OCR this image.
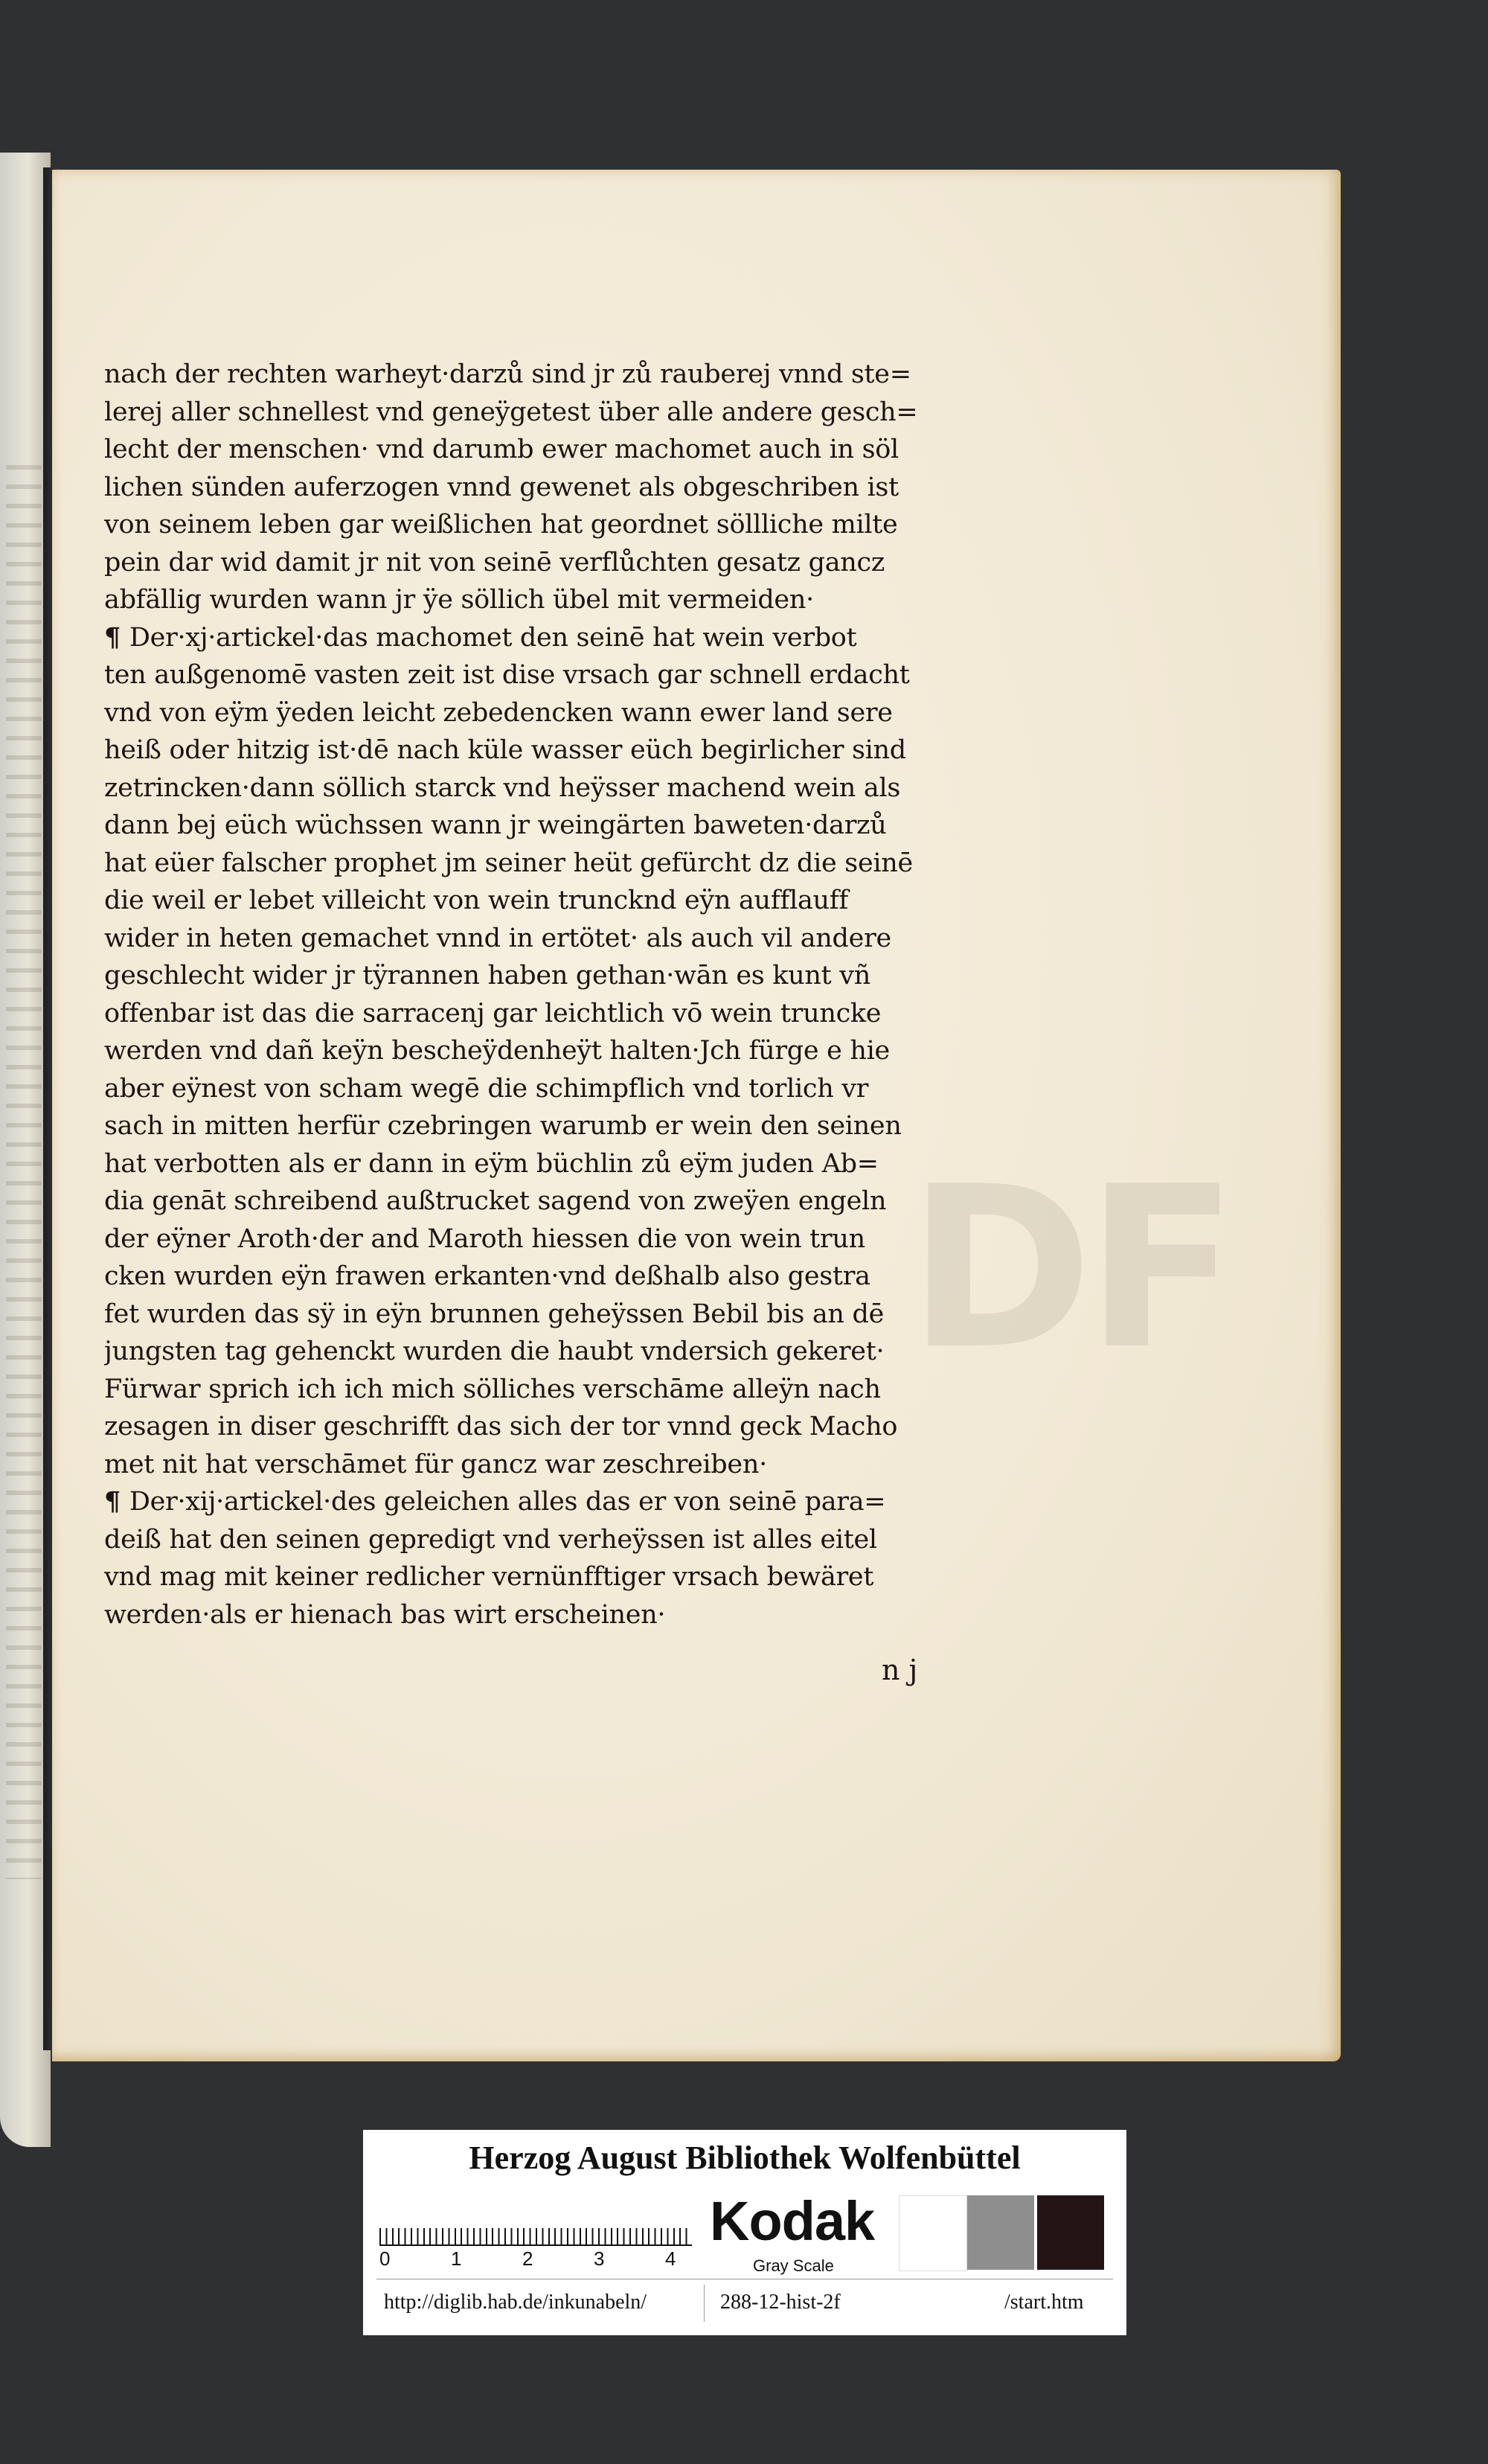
DF
nach der rechten warheyt·darzů sind jr zů rauberej vnnd ste=
lerej aller schnellest vnd geneÿgetest über alle andere gesch=
lecht der menschen· vnd darumb ewer machomet auch in söl
lichen sünden auferzogen vnnd gewenet als obgeschriben ist
von seinem leben gar weißlichen hat geordnet söllliche milte
pein dar wid damit jr nit von seinē verflůchten gesatz gancz
abfällig wurden wann jr ÿe söllich übel mit vermeiden·
¶ Der·xj·artickel·das machomet den seinē hat wein verbot
ten außgenomē vasten zeit ist dise vrsach gar schnell erdacht
vnd von eÿm ÿeden leicht zebedencken wann ewer land sere
heiß oder hitzig ist·dē nach küle wasser eüch begirlicher sind
zetrincken·dann söllich starck vnd heÿsser machend wein als
dann bej eüch wüchssen wann jr weingärten baweten·darzů
hat eüer falscher prophet jm seiner heüt gefürcht dz die seinē
die weil er lebet villeicht von wein truncknd eÿn aufflauff
wider in heten gemachet vnnd in ertötet· als auch vil andere
geschlecht wider jr tÿrannen haben gethan·wān es kunt vñ
offenbar ist das die sarracenj gar leichtlich vō wein truncke
werden vnd dañ keÿn bescheÿdenheÿt halten·Jch fürge e hie
aber eÿnest von scham wegē die schimpflich vnd torlich vr
sach in mitten herfür czebringen warumb er wein den seinen
hat verbotten als er dann in eÿm büchlin zů eÿm juden Ab=
dia genāt schreibend außtrucket sagend von zweÿen engeln
der eÿner Aroth·der and Maroth hiessen die von wein trun
cken wurden eÿn frawen erkanten·vnd deßhalb also gestra
fet wurden das sÿ in eÿn brunnen geheÿssen Bebil bis an dē
jungsten tag gehenckt wurden die haubt vndersich gekeret·
Fürwar sprich ich ich mich sölliches verschāme alleÿn nach
zesagen in diser geschrifft das sich der tor vnnd geck Macho
met nit hat verschāmet für gancz war zeschreiben·
¶ Der·xij·artickel·des geleichen alles das er von seinē para=
deiß hat den seinen gepredigt vnd verheÿssen ist alles eitel
vnd mag mit keiner redlicher vernünfftiger vrsach bewäret
werden·als er hienach bas wirt erscheinen·
n j
Herzog August Bibliothek Wolfenbüttel
0	1	2	3	4
Kodak
Gray Scale
http://diglib.hab.de/inkunabeln/	288-12-hist-2f	/start.htm
